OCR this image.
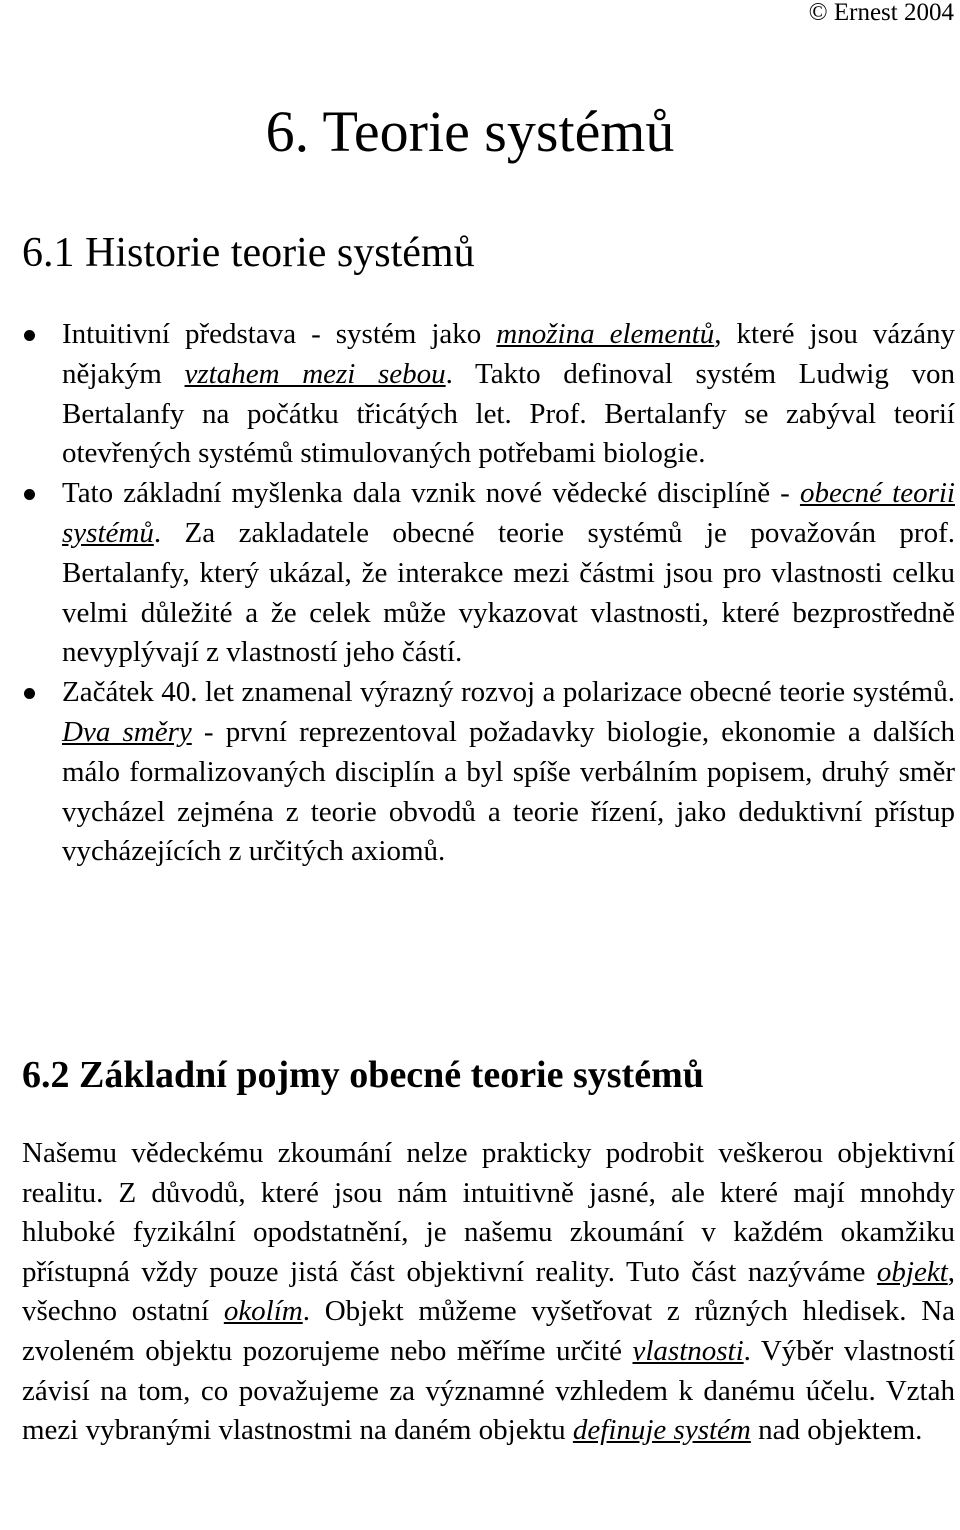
© Ernest 2004
6. Teorie systémů
6.1 Historie teorie systémů
Intuitivní představa - systém jako množina elementů, které jsou vázány nějakým vztahem mezi sebou. Takto definoval systém Ludwig von Bertalanfy na počátku třicátých let. Prof. Bertalanfy se zabýval teorií otevřených systémů stimulovaných potřebami biologie.
Tato základní myšlenka dala vznik nové vědecké disciplíně - obecné teorii systémů. Za zakladatele obecné teorie systémů je považován prof. Bertalanfy, který ukázal, že interakce mezi částmi jsou pro vlastnosti celku velmi důležité a že celek může vykazovat vlastnosti, které bezprostředně nevyplývají z vlastností jeho částí.
Začátek 40. let znamenal výrazný rozvoj a polarizace obecné teorie systémů. Dva směry - první reprezentoval požadavky biologie, ekonomie a dalších málo formalizovaných disciplín a byl spíše verbálním popisem, druhý směr vycházel zejména z teorie obvodů a teorie řízení, jako deduktivní přístup vycházejících z určitých axiomů.
6.2 Základní pojmy obecné teorie systémů

Našemu vědeckému zkoumání nelze prakticky podrobit veškerou objektivní realitu. Z důvodů, které jsou nám intuitivně jasné, ale které mají mnohdy hluboké fyzikální opodstatnění, je našemu zkoumání v každém okamžiku přístupná vždy pouze jistá část objektivní reality. Tuto část nazýváme objekt, všechno ostatní okolím. Objekt můžeme vyšetřovat z různých hledisek. Na zvoleném objektu pozorujeme nebo měříme určité vlastnosti. Výběr vlastností závisí na tom, co považujeme za významné vzhledem k danému účelu. Vztah mezi vybranými vlastnostmi na daném objektu definuje systém nad objektem.
